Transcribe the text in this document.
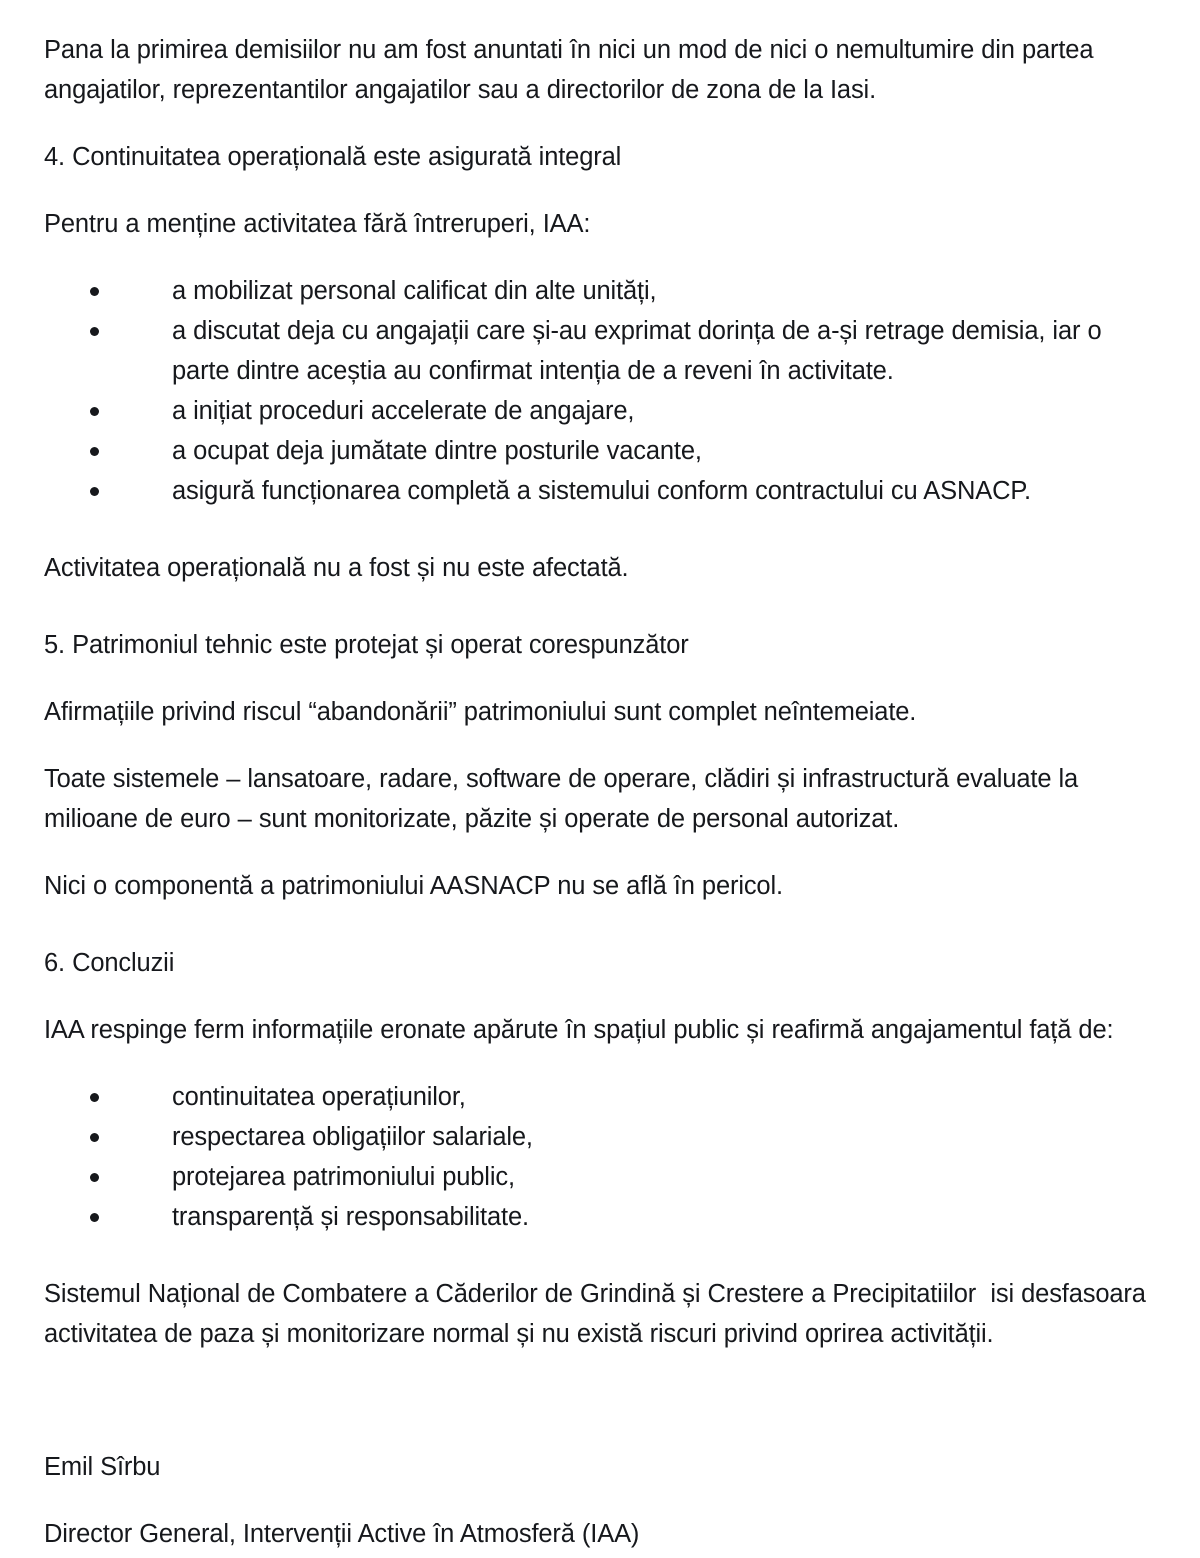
Pana la primirea demisiilor nu am fost anuntati în nici un mod de nici o nemultumire din partea angajatilor, reprezentantilor angajatilor sau a directorilor de zona de la Iasi.

4. Continuitatea operațională este asigurată integral

Pentru a menține activitatea fără întreruperi, IAA:

a mobilizat personal calificat din alte unități,
a discutat deja cu angajații care și-au exprimat dorința de a-și retrage demisia, iar o parte dintre aceștia au confirmat intenția de a reveni în activitate.
a inițiat proceduri accelerate de angajare,
a ocupat deja jumătate dintre posturile vacante,
asigură funcționarea completă a sistemului conform contractului cu ASNACP.

Activitatea operațională nu a fost și nu este afectată.

5. Patrimoniul tehnic este protejat și operat corespunzător

Afirmațiile privind riscul “abandonării” patrimoniului sunt complet neîntemeiate.

Toate sistemele – lansatoare, radare, software de operare, clădiri și infrastructură evaluate la milioane de euro – sunt monitorizate, păzite și operate de personal autorizat.

Nici o componentă a patrimoniului AASNACP nu se află în pericol.

6. Concluzii

IAA respinge ferm informațiile eronate apărute în spațiul public și reafirmă angajamentul față de:

continuitatea operațiunilor,
respectarea obligațiilor salariale,
protejarea patrimoniului public,
transparență și responsabilitate.

Sistemul Național de Combatere a Căderilor de Grindină și Crestere a Precipitatiilor  isi desfasoara activitatea de paza și monitorizare normal și nu există riscuri privind oprirea activității.

Emil Sîrbu

Director General, Intervenții Active în Atmosferă (IAA)
